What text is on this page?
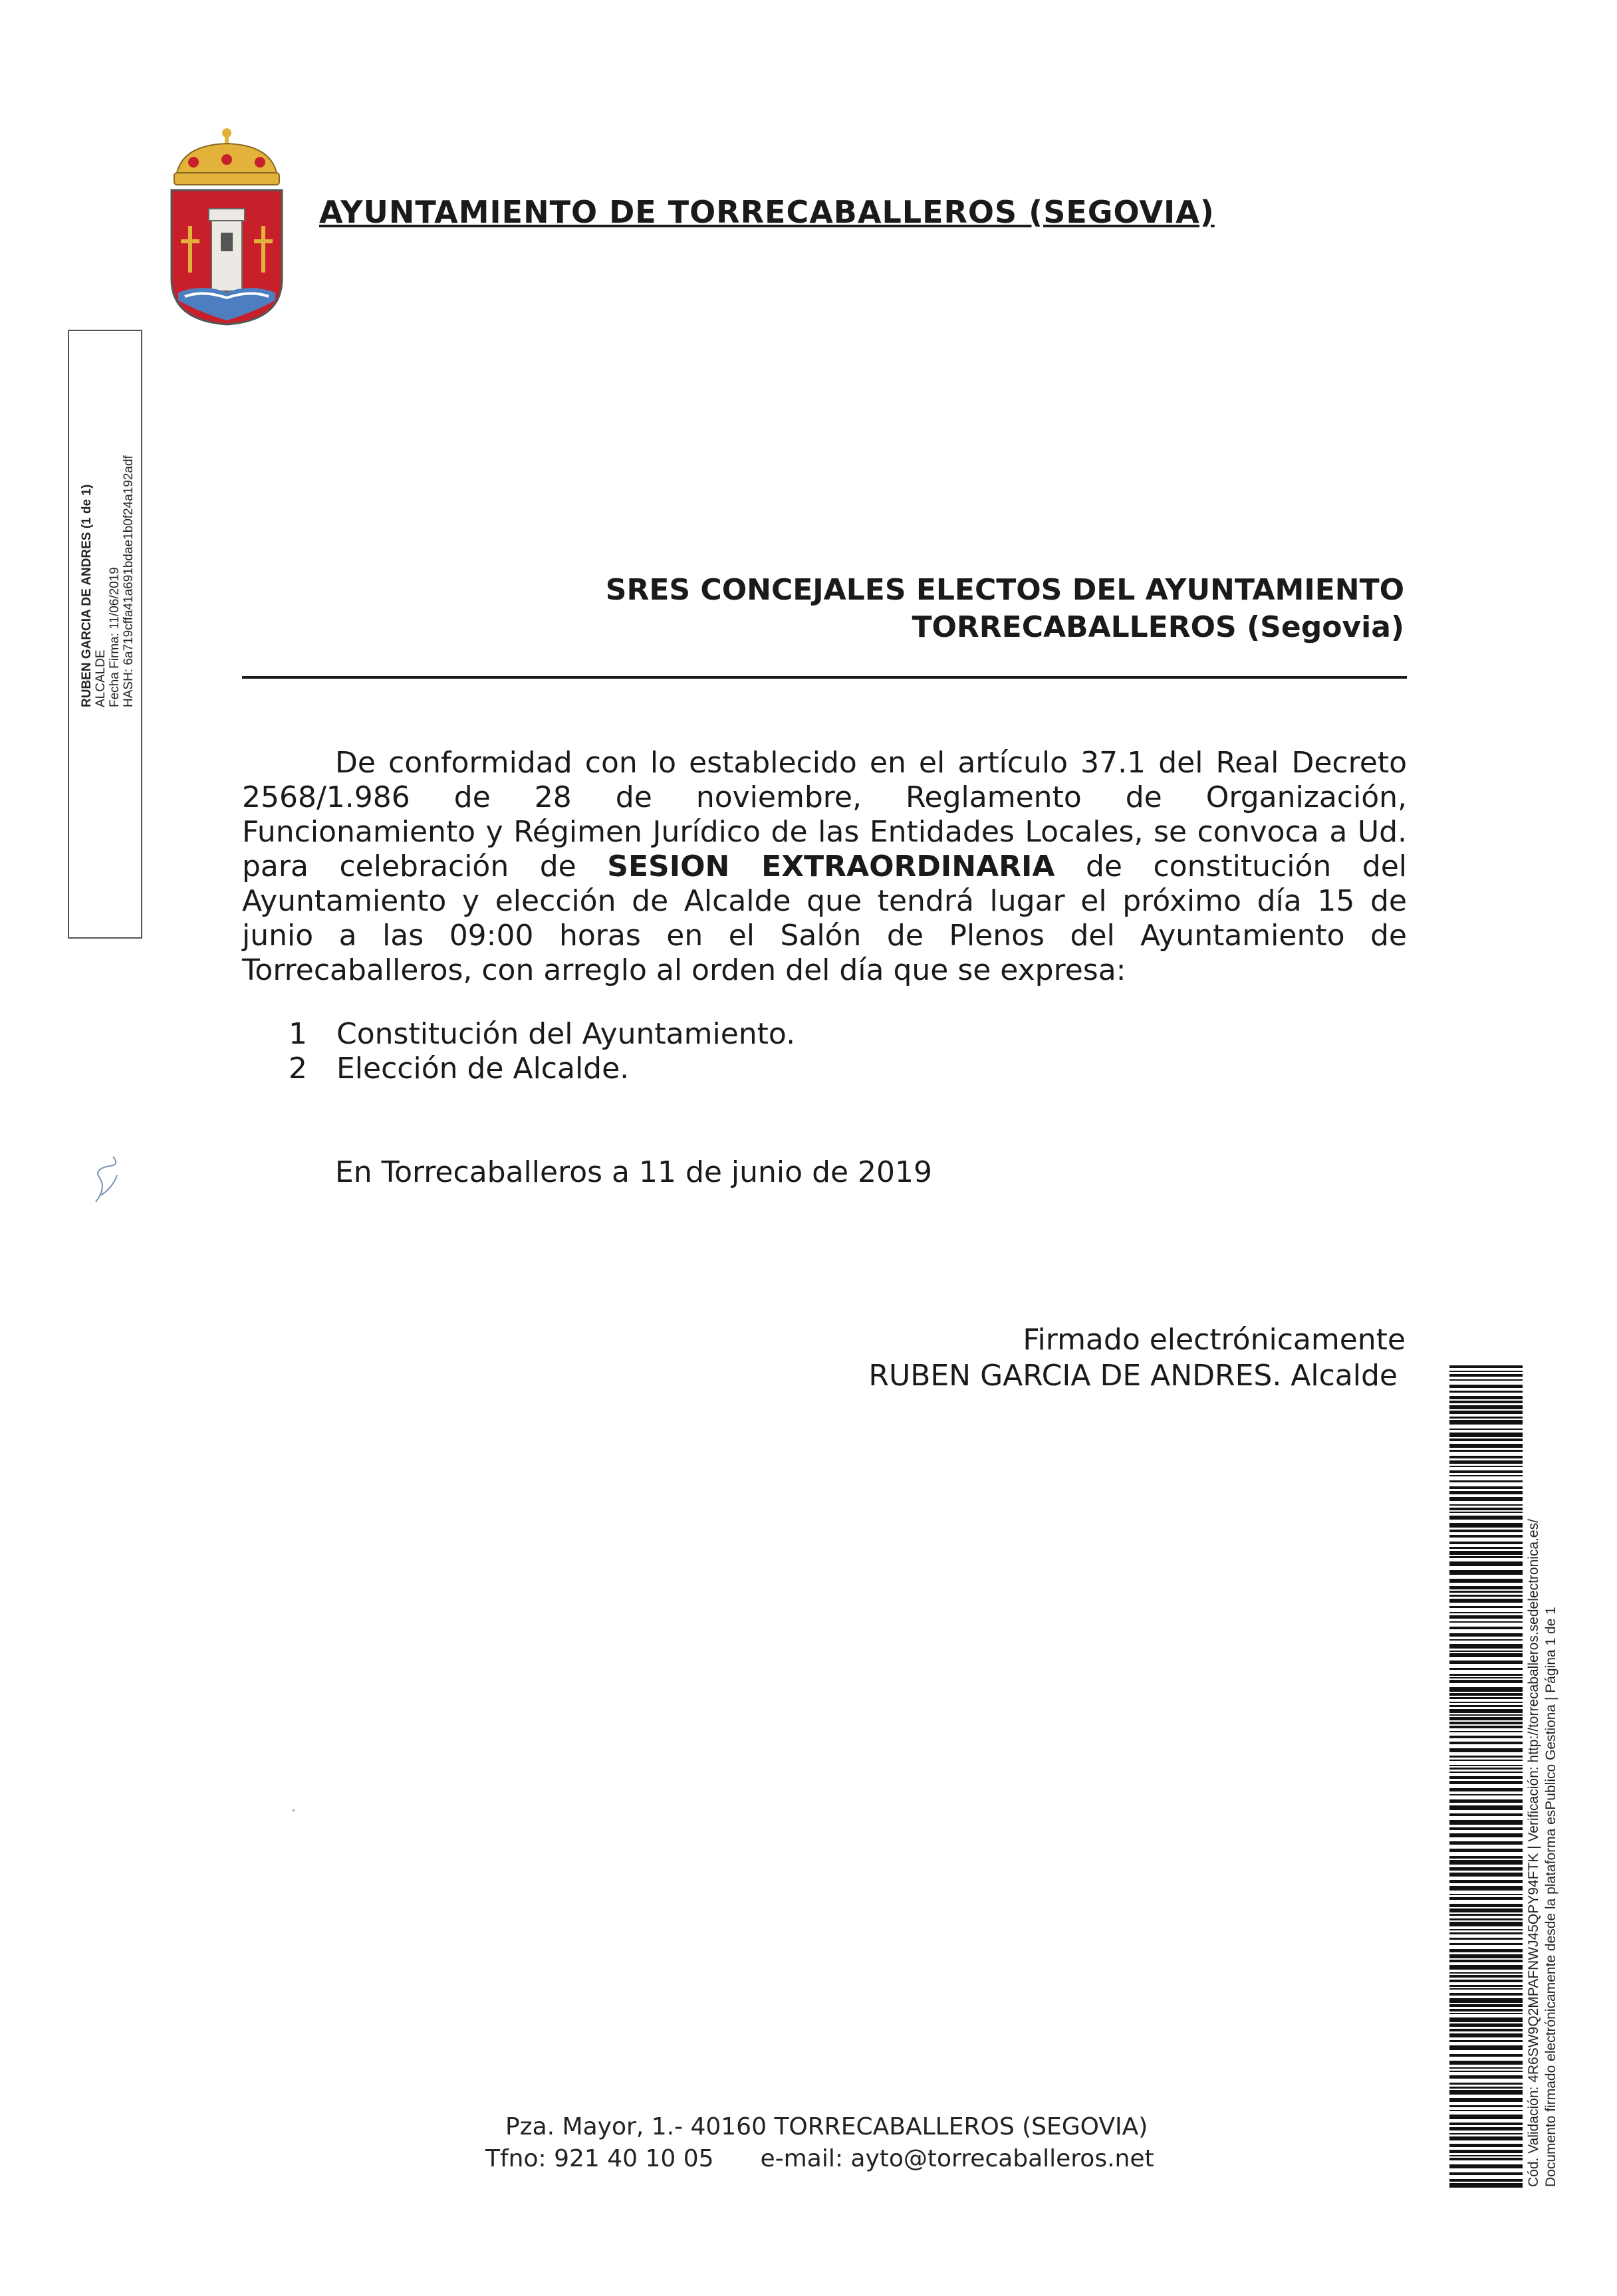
AYUNTAMIENTO DE TORRECABALLEROS (SEGOVIA)
RUBEN GARCIA DE ANDRES (1 de 1) ALCALDE Fecha Firma: 11/06/2019 HASH: 6a719cffa41a691bdae1b0f24a192adf	SRES CONCEJALES ELECTOS DEL AYUNTAMIENTO
TORRECABALLEROS (Segovia)
De conformidad con lo establecido en el artículo 37.1 del Real Decreto 2568/1.986 de 28 de noviembre, Reglamento de Organización, Funcionamiento y Régimen Jurídico de las Entidades Locales, se convoca a Ud. para celebración de SESION EXTRAORDINARIA de constitución del Ayuntamiento y elección de Alcalde que tendrá lugar el próximo día 15 de junio a las 09:00 horas en el Salón de Plenos del Ayuntamiento de Torrecaballeros, con arreglo al orden del día que se expresa:
1 Constitución del Ayuntamiento.
2 Elección de Alcalde.
En Torrecaballeros a 11 de junio de 2019
Firmado electrónicamente
RUBEN GARCIA DE ANDRES. Alcalde
Pza. Mayor, 1.- 40160 TORRECABALLEROS (SEGOVIA)
Tfno: 921 40 10 05 e-mail: ayto@torrecaballeros.net	Cód. Validación: 4R6SW9Q2MPAFNWJ45QPY94FTK | Verificación: http://torrecaballeros.sedelectronica.es/ Documento firmado electrónicamente desde la plataforma esPublico Gestiona | Página 1 de 1
